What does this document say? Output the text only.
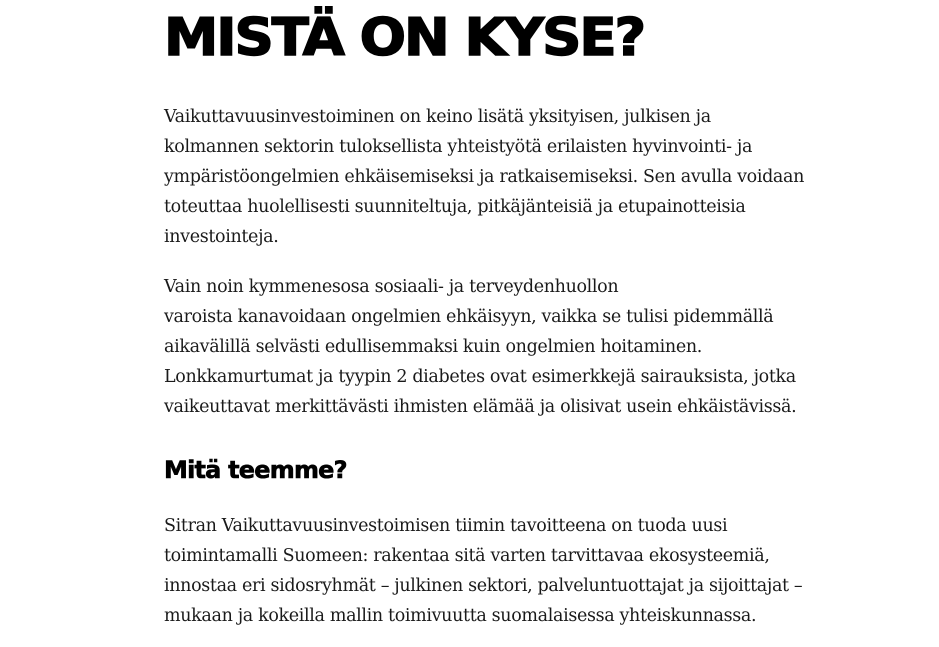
MISTÄ ON KYSE?

Vaikuttavuusinvestoiminen on keino lisätä yksityisen, julkisen ja
kolmannen sektorin tuloksellista yhteistyötä erilaisten hyvinvointi- ja
ympäristöongelmien ehkäisemiseksi ja ratkaisemiseksi. Sen avulla voidaan
toteuttaa huolellisesti suunniteltuja, pitkäjänteisiä ja etupainotteisia
investointeja.

Vain noin kymmenesosa sosiaali- ja terveydenhuollon
varoista kanavoidaan ongelmien ehkäisyyn, vaikka se tulisi pidemmällä
aikavälillä selvästi edullisemmaksi kuin ongelmien hoitaminen.
Lonkkamurtumat ja tyypin 2 diabetes ovat esimerkkejä sairauksista, jotka
vaikeuttavat merkittävästi ihmisten elämää ja olisivat usein ehkäistävissä.

Mitä teemme?

Sitran Vaikuttavuusinvestoimisen tiimin tavoitteena on tuoda uusi
toimintamalli Suomeen: rakentaa sitä varten tarvittavaa ekosysteemiä,
innostaa eri sidosryhmät – julkinen sektori, palveluntuottajat ja sijoittajat –
mukaan ja kokeilla mallin toimivuutta suomalaisessa yhteiskunnassa.
